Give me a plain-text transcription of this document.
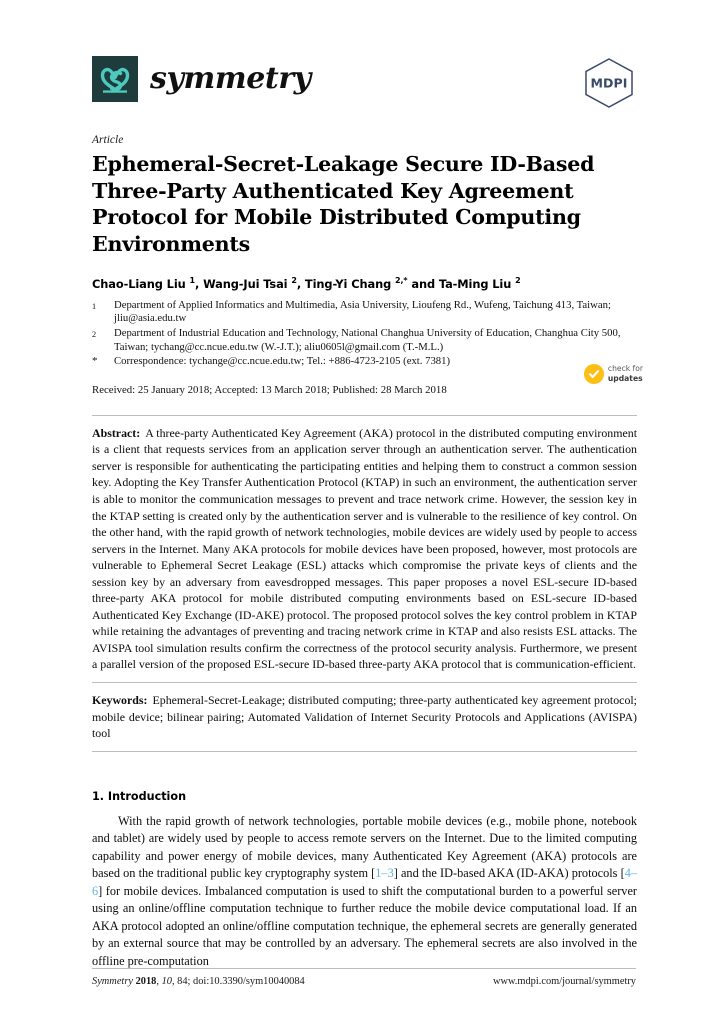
symmetry	MDPI
Article
Ephemeral-Secret-Leakage Secure ID-Based Three-Party Authenticated Key Agreement Protocol for Mobile Distributed Computing Environments
Chao-Liang Liu $^1$, Wang-Jui Tsai $^2$, Ting-Yi Chang $^{2,*}$ and Ta-Ming Liu $^2$
1	Department of Applied Informatics and Multimedia, Asia University, Lioufeng Rd., Wufeng, Taichung 413, Taiwan; jliu@asia.edu.tw
2	Department of Industrial Education and Technology, National Changhua University of Education, Changhua City 500, Taiwan; tychang@cc.ncue.edu.tw (W.-J.T.); aliu0605l@gmail.com (T.-M.L.)
*	Correspondence: tychange@cc.ncue.edu.tw; Tel.: +886-4723-2105 (ext. 7381)
Received: 25 January 2018; Accepted: 13 March 2018; Published: 28 March 2018
check for
updates
Abstract: A three-party Authenticated Key Agreement (AKA) protocol in the distributed computing environment is a client that requests services from an application server through an authentication server. The authentication server is responsible for authenticating the participating entities and helping them to construct a common session key. Adopting the Key Transfer Authentication Protocol (KTAP) in such an environment, the authentication server is able to monitor the communication messages to prevent and trace network crime. However, the session key in the KTAP setting is created only by the authentication server and is vulnerable to the resilience of key control. On the other hand, with the rapid growth of network technologies, mobile devices are widely used by people to access servers in the Internet. Many AKA protocols for mobile devices have been proposed, however, most protocols are vulnerable to Ephemeral Secret Leakage (ESL) attacks which compromise the private keys of clients and the session key by an adversary from eavesdropped messages. This paper proposes a novel ESL-secure ID-based three-party AKA protocol for mobile distributed computing environments based on ESL-secure ID-based Authenticated Key Exchange (ID-AKE) protocol. The proposed protocol solves the key control problem in KTAP while retaining the advantages of preventing and tracing network crime in KTAP and also resists ESL attacks. The AVISPA tool simulation results confirm the correctness of the protocol security analysis. Furthermore, we present a parallel version of the proposed ESL-secure ID-based three-party AKA protocol that is communication-efficient.
Keywords: Ephemeral-Secret-Leakage; distributed computing; three-party authenticated key agreement protocol; mobile device; bilinear pairing; Automated Validation of Internet Security Protocols and Applications (AVISPA) tool
1. Introduction

With the rapid growth of network technologies, portable mobile devices (e.g., mobile phone, notebook and tablet) are widely used by people to access remote servers on the Internet. Due to the limited computing capability and power energy of mobile devices, many Authenticated Key Agreement (AKA) protocols are based on the traditional public key cryptography system [1–3] and the ID-based AKA (ID-AKA) protocols [4–6] for mobile devices. Imbalanced computation is used to shift the computational burden to a powerful server using an online/offline computation technique to further reduce the mobile device computational load. If an AKA protocol adopted an online/offline computation technique, the ephemeral secrets are generally generated by an external source that may be controlled by an adversary. The ephemeral secrets are also involved in the offline pre-computation

Symmetry 2018, 10, 84; doi:10.3390/sym10040084	www.mdpi.com/journal/symmetry
